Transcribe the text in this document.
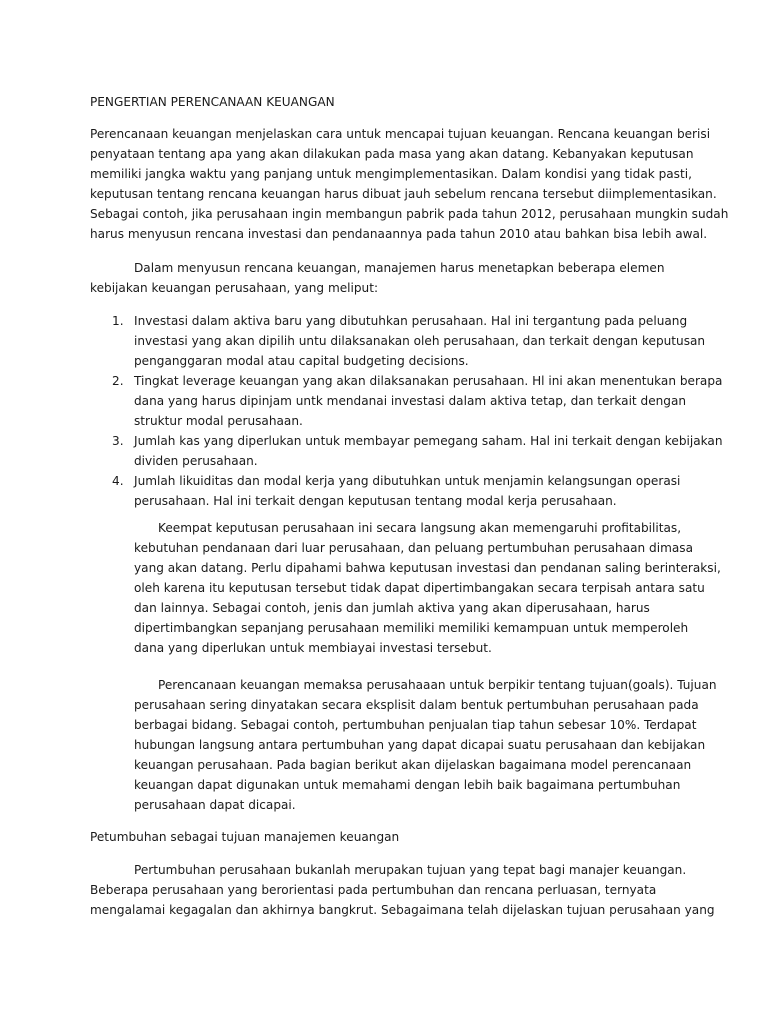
PENGERTIAN PERENCANAAN KEUANGAN
Perencanaan keuangan menjelaskan cara untuk mencapai tujuan keuangan. Rencana keuangan berisi
penyataan tentang apa yang akan dilakukan pada masa yang akan datang. Kebanyakan keputusan
memiliki jangka waktu yang panjang untuk mengimplementasikan. Dalam kondisi yang tidak pasti,
keputusan tentang rencana keuangan harus dibuat jauh sebelum rencana tersebut diimplementasikan.
Sebagai contoh, jika perusahaan ingin membangun pabrik pada tahun 2012, perusahaan mungkin sudah
harus menyusun rencana investasi dan pendanaannya pada tahun 2010 atau bahkan bisa lebih awal.
Dalam menyusun rencana keuangan, manajemen harus menetapkan beberapa elemen
kebijakan keuangan perusahaan, yang meliput:
1. Investasi dalam aktiva baru yang dibutuhkan perusahaan. Hal ini tergantung pada peluang
investasi yang akan dipilih untu dilaksanakan oleh perusahaan, dan terkait dengan keputusan
penganggaran modal atau capital budgeting decisions.
2. Tingkat leverage keuangan yang akan dilaksanakan perusahaan. Hl ini akan menentukan berapa
dana yang harus dipinjam untk mendanai investasi dalam aktiva tetap, dan terkait dengan
struktur modal perusahaan.
3. Jumlah kas yang diperlukan untuk membayar pemegang saham. Hal ini terkait dengan kebijakan
dividen perusahaan.
4. Jumlah likuiditas dan modal kerja yang dibutuhkan untuk menjamin kelangsungan operasi
perusahaan. Hal ini terkait dengan keputusan tentang modal kerja perusahaan.
Keempat keputusan perusahaan ini secara langsung akan memengaruhi profitabilitas,
kebutuhan pendanaan dari luar perusahaan, dan peluang pertumbuhan perusahaan dimasa
yang akan datang. Perlu dipahami bahwa keputusan investasi dan pendanan saling berinteraksi,
oleh karena itu keputusan tersebut tidak dapat dipertimbangakan secara terpisah antara satu
dan lainnya. Sebagai contoh, jenis dan jumlah aktiva yang akan diperusahaan, harus
dipertimbangkan sepanjang perusahaan memiliki memiliki kemampuan untuk memperoleh
dana yang diperlukan untuk membiayai investasi tersebut.
Perencanaan keuangan memaksa perusahaaan untuk berpikir tentang tujuan(goals). Tujuan
perusahaan sering dinyatakan secara eksplisit dalam bentuk pertumbuhan perusahaan pada
berbagai bidang. Sebagai contoh, pertumbuhan penjualan tiap tahun sebesar 10%. Terdapat
hubungan langsung antara pertumbuhan yang dapat dicapai suatu perusahaan dan kebijakan
keuangan perusahaan. Pada bagian berikut akan dijelaskan bagaimana model perencanaan
keuangan dapat digunakan untuk memahami dengan lebih baik bagaimana pertumbuhan
perusahaan dapat dicapai.
Petumbuhan sebagai tujuan manajemen keuangan
Pertumbuhan perusahaan bukanlah merupakan tujuan yang tepat bagi manajer keuangan.
Beberapa perusahaan yang berorientasi pada pertumbuhan dan rencana perluasan, ternyata
mengalamai kegagalan dan akhirnya bangkrut. Sebagaimana telah dijelaskan tujuan perusahaan yang
